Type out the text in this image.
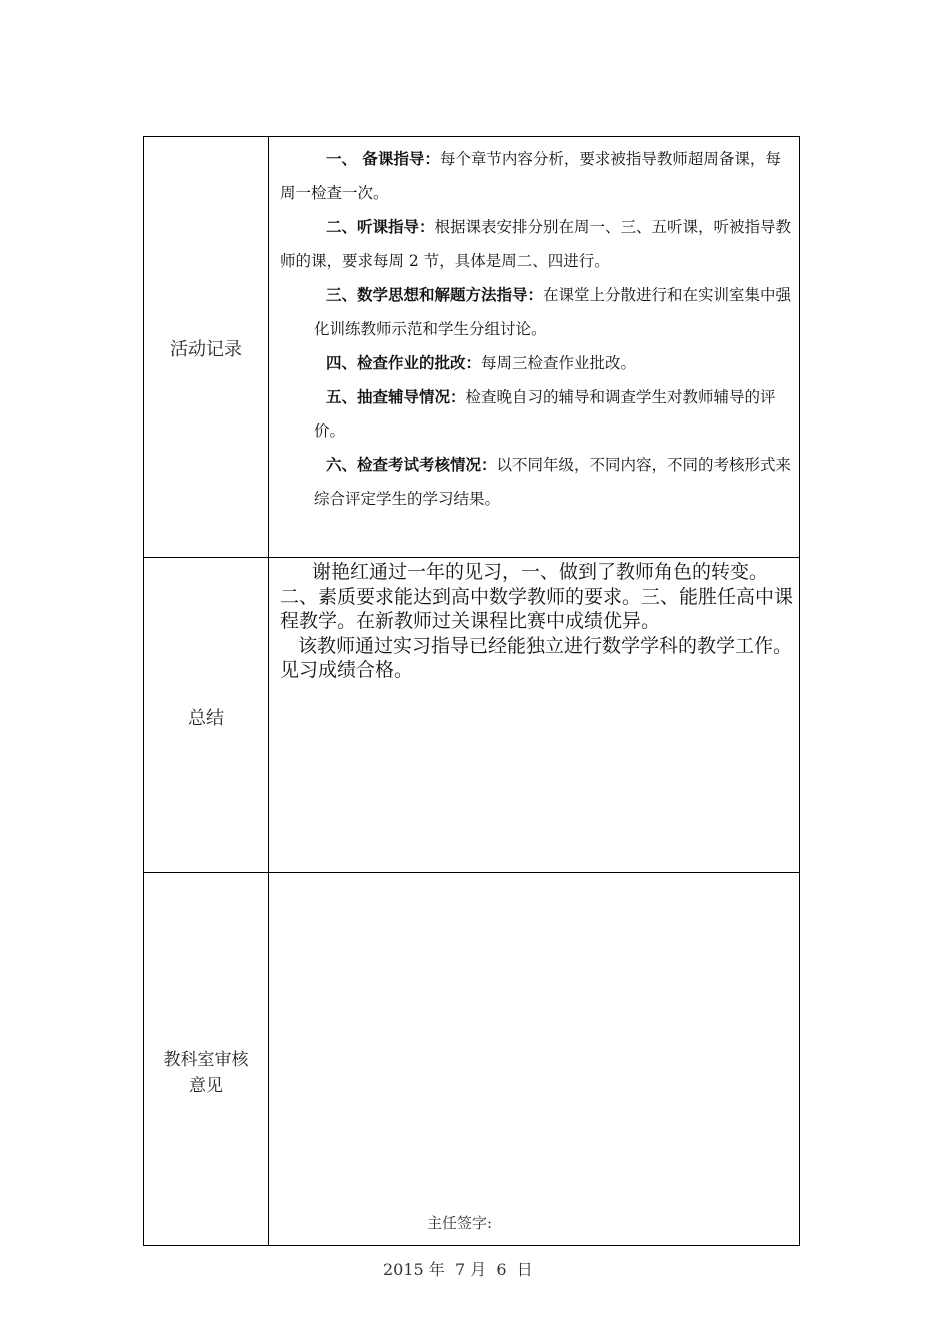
活动记录
一、 备课指导：每个章节内容分析，要求被指导教师超周备课，每周一检查一次。
二、听课指导：根据课表安排分别在周一、三、五听课，听被指导教师的课，要求每周 2 节，具体是周二、四进行。
三、数学思想和解题方法指导：在课堂上分散进行和在实训室集中强化训练教师示范和学生分组讨论。
四、检查作业的批改：每周三检查作业批改。
五、抽查辅导情况：检查晚自习的辅导和调查学生对教师辅导的评价。
六、检查考试考核情况：以不同年级，不同内容，不同的考核形式来综合评定学生的学习结果。
总结
谢艳红通过一年的见习，一、做到了教师角色的转变。二、素质要求能达到高中数学教师的要求。三、能胜任高中课程教学。在新教师过关课程比赛中成绩优异。
该教师通过实习指导已经能独立进行数学学科的教学工作。见习成绩合格。
教科室审核
意见
主任签字:
2015 年  7 月  6  日
